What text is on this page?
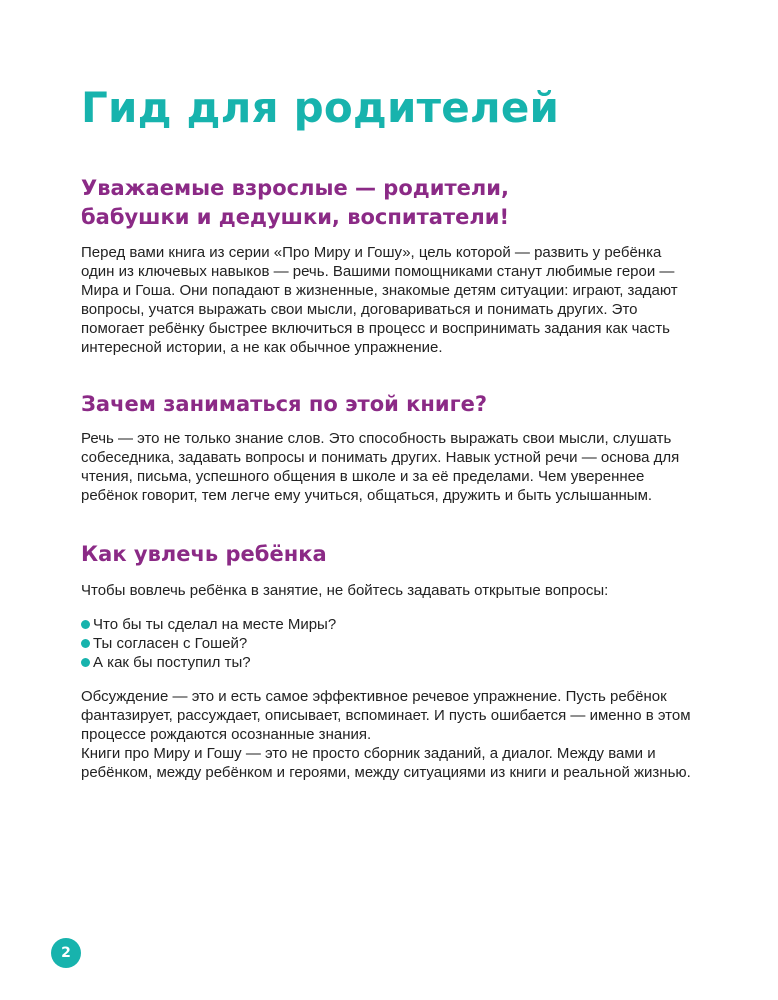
Гид для родителей
Уважаемые взрослые — родители,
бабушки и дедушки, воспитатели!

Перед вами книга из серии «Про Миру и Гошу», цель которой — развить у ребёнка один из ключевых навыков — речь. Вашими помощниками станут любимые герои — Мира и Гоша. Они попадают в жизненные, знакомые детям ситуации: играют, задают вопросы, учатся выражать свои мысли, договариваться и понимать других. Это помогает ребёнку быстрее включиться в процесс и воспринимать задания как часть интересной истории, а не как обычное упражнение.

Зачем заниматься по этой книге?

Речь — это не только знание слов. Это способность выражать свои мысли, слушать собеседника, задавать вопросы и понимать других. Навык устной речи — основа для чтения, письма, успешного общения в школе и за её пределами. Чем увереннее ребёнок говорит, тем легче ему учиться, общаться, дружить и быть услышанным.

Как увлечь ребёнка

Чтобы вовлечь ребёнка в занятие, не бойтесь задавать открытые вопросы:

Что бы ты сделал на месте Миры?
Ты согласен с Гошей?
А как бы поступил ты?

Обсуждение — это и есть самое эффективное речевое упражнение. Пусть ребёнок фантазирует, рассуждает, описывает, вспоминает. И пусть ошибается — именно в этом процессе рождаются осознанные знания.

Книги про Миру и Гошу — это не просто сборник заданий, а диалог. Между вами и ребёнком, между ребёнком и героями, между ситуациями из книги и реальной жизнью.

2
